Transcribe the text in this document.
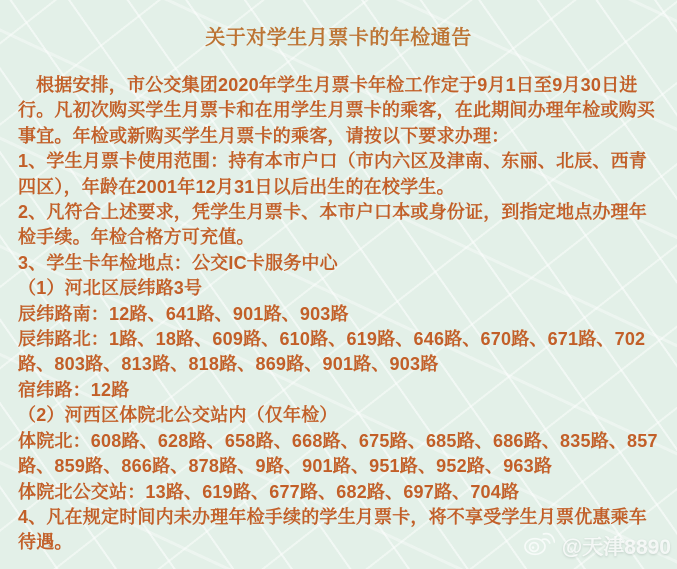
关于对学生月票卡的年检通告

根据安排，市公交集团2020年学生月票卡年检工作定于9月1日至9月30日进行。凡初次购买学生月票卡和在用学生月票卡的乘客，在此期间办理年检或购买事宜。年检或新购买学生月票卡的乘客，请按以下要求办理：

1、学生月票卡使用范围：持有本市户口（市内六区及津南、东丽、北辰、西青四区），年龄在2001年12月31日以后出生的在校学生。

2、凡符合上述要求，凭学生月票卡、本市户口本或身份证，到指定地点办理年检手续。年检合格方可充值。

3、学生卡年检地点：公交IC卡服务中心

（1）河北区辰纬路3号

辰纬路南：12路、641路、901路、903路

辰纬路北：1路、18路、609路、610路、619路、646路、670路、671路、702路、803路、813路、818路、869路、901路、903路

宿纬路：12路

（2）河西区体院北公交站内（仅年检）

体院北：608路、628路、658路、668路、675路、685路、686路、835路、857路、859路、866路、878路、9路、901路、951路、952路、963路

体院北公交站：13路、619路、677路、682路、697路、704路

4、凡在规定时间内未办理年检手续的学生月票卡，将不享受学生月票优惠乘车待遇。	@天津8890
